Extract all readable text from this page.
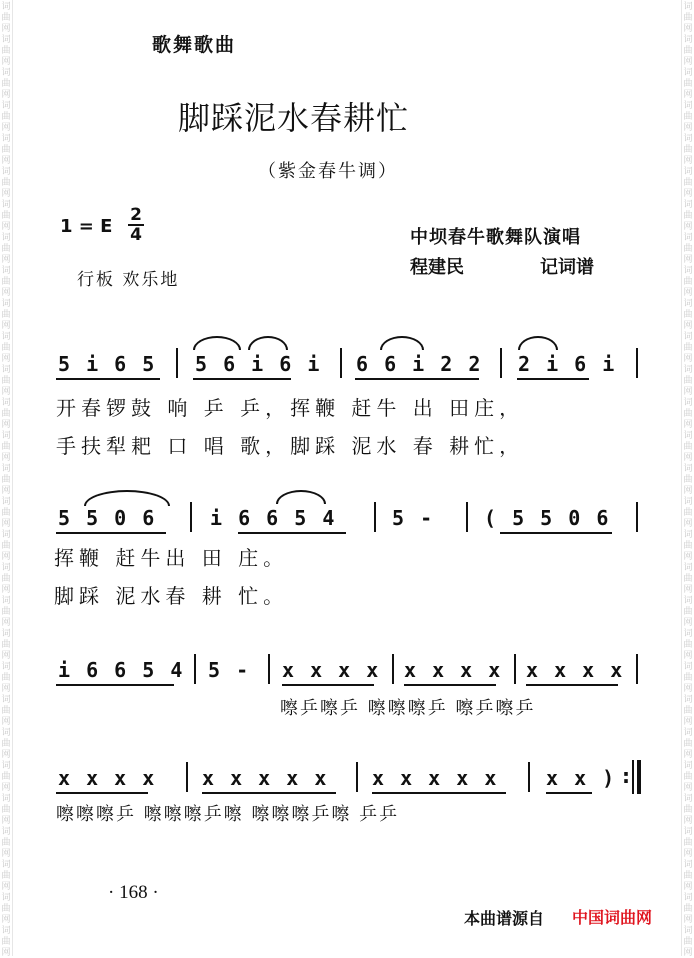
词
曲
网
词
曲
网
词
曲
网
词
曲
网
词
曲
网
词
曲
网
词
曲
网
词
曲
网
词
曲
网
词
曲
网
词
曲
网
词
曲
网
词
曲
网
词
曲
网
词
曲
网
词
曲
网
词
曲
网
词
曲
网
词
曲
网
词
曲
网
词
曲
网
词
曲
网
词
曲
网
词
曲
网
词
曲
网
词
曲
网
词
曲
网
词
曲
网
词
曲
网
词
曲
网
词
曲
网
词
曲
网
词
曲
网
词
曲
网
词
曲
网
词
曲
网
词
曲
网
词
曲
网
词
曲
网
词
曲
网
词
曲
网
词
曲
网
词
曲
网
词
曲
网
词
曲
网
词
曲
网
词
曲
网
词
曲
网
词
曲
网
词
曲
网
词
曲
网
词
曲
网
词
曲
网
词
曲
网
词
曲
网
词
曲
网
词
曲
网
词
曲
网
歌舞歌曲
脚踩泥水春耕忙
（紫金春牛调）
1 = E $\frac{2}{4}$
行板 欢乐地
中坝春牛歌舞队演唱
程建民	记词谱
5 i 6 5 5 6 i 6 i 6 6 i 2 2 2 i 6 i
开春锣鼓 响 乒 乒，挥鞭 赶牛 出 田庄，
手扶犁耙 口 唱 歌，脚踩 泥水 春 耕忙，
5 5 0 6	i 6 6 5 4	5 - ( 5 5 0 6
挥鞭 赶牛出 田 庄。
脚踩 泥水春 耕 忙。
i 6 6 5 4 5 - x x x x x x x x x x x x
嚓乒嚓乒 嚓嚓嚓乒 嚓乒嚓乒
x x x x x x x x x x x x x x x x ) :
嚓嚓嚓乒 嚓嚓嚓乒嚓 嚓嚓嚓乒嚓 乒乒
· 168 ·
本曲谱源自 中国词曲网
